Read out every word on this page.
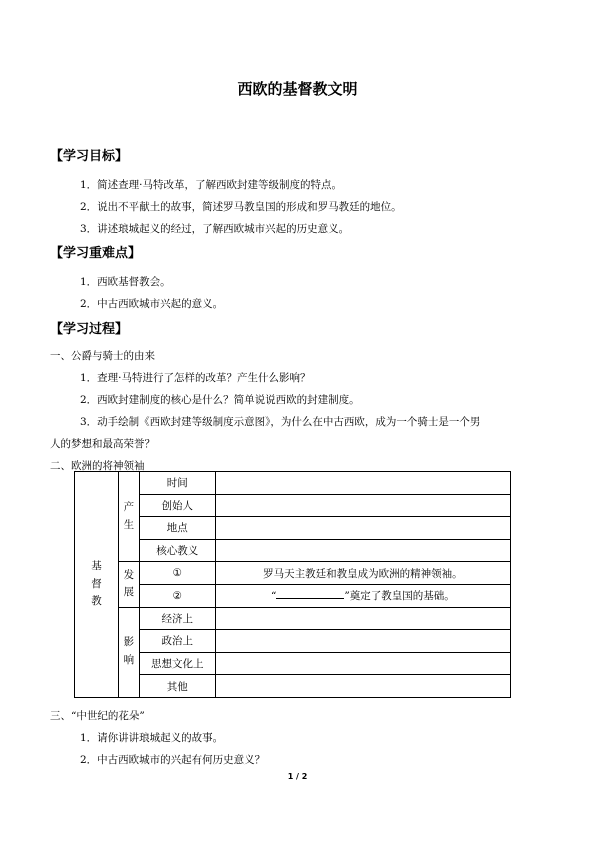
西欧的基督教文明
【学习目标】
1．简述查理·马特改革，了解西欧封建等级制度的特点。
2．说出不平献土的故事，简述罗马教皇国的形成和罗马教廷的地位。
3．讲述琅城起义的经过，了解西欧城市兴起的历史意义。
【学习重难点】
1．西欧基督教会。
2．中古西欧城市兴起的意义。
【学习过程】
一、公爵与骑士的由来
1．查理·马特进行了怎样的改革？产生什么影响？
2．西欧封建制度的核心是什么？简单说说西欧的封建制度。
3．动手绘制《西欧封建等级制度示意图》，为什么在中古西欧，成为一个骑士是一个男
人的梦想和最高荣誉？
二、欧洲的将神领袖
基督教	产生	时间	
		创始人	
		地点	
		核心教义	

	发展	①	罗马天主教廷和教皇成为欧洲的精神领袖。
		②	“ ”奠定了教皇国的基础。

	影响	经济上	
		政治上	
		思想文化上	
		其他	
三、“中世纪的花朵”
1．请你讲讲琅城起义的故事。
2．中古西欧城市的兴起有何历史意义？
1 / 2
